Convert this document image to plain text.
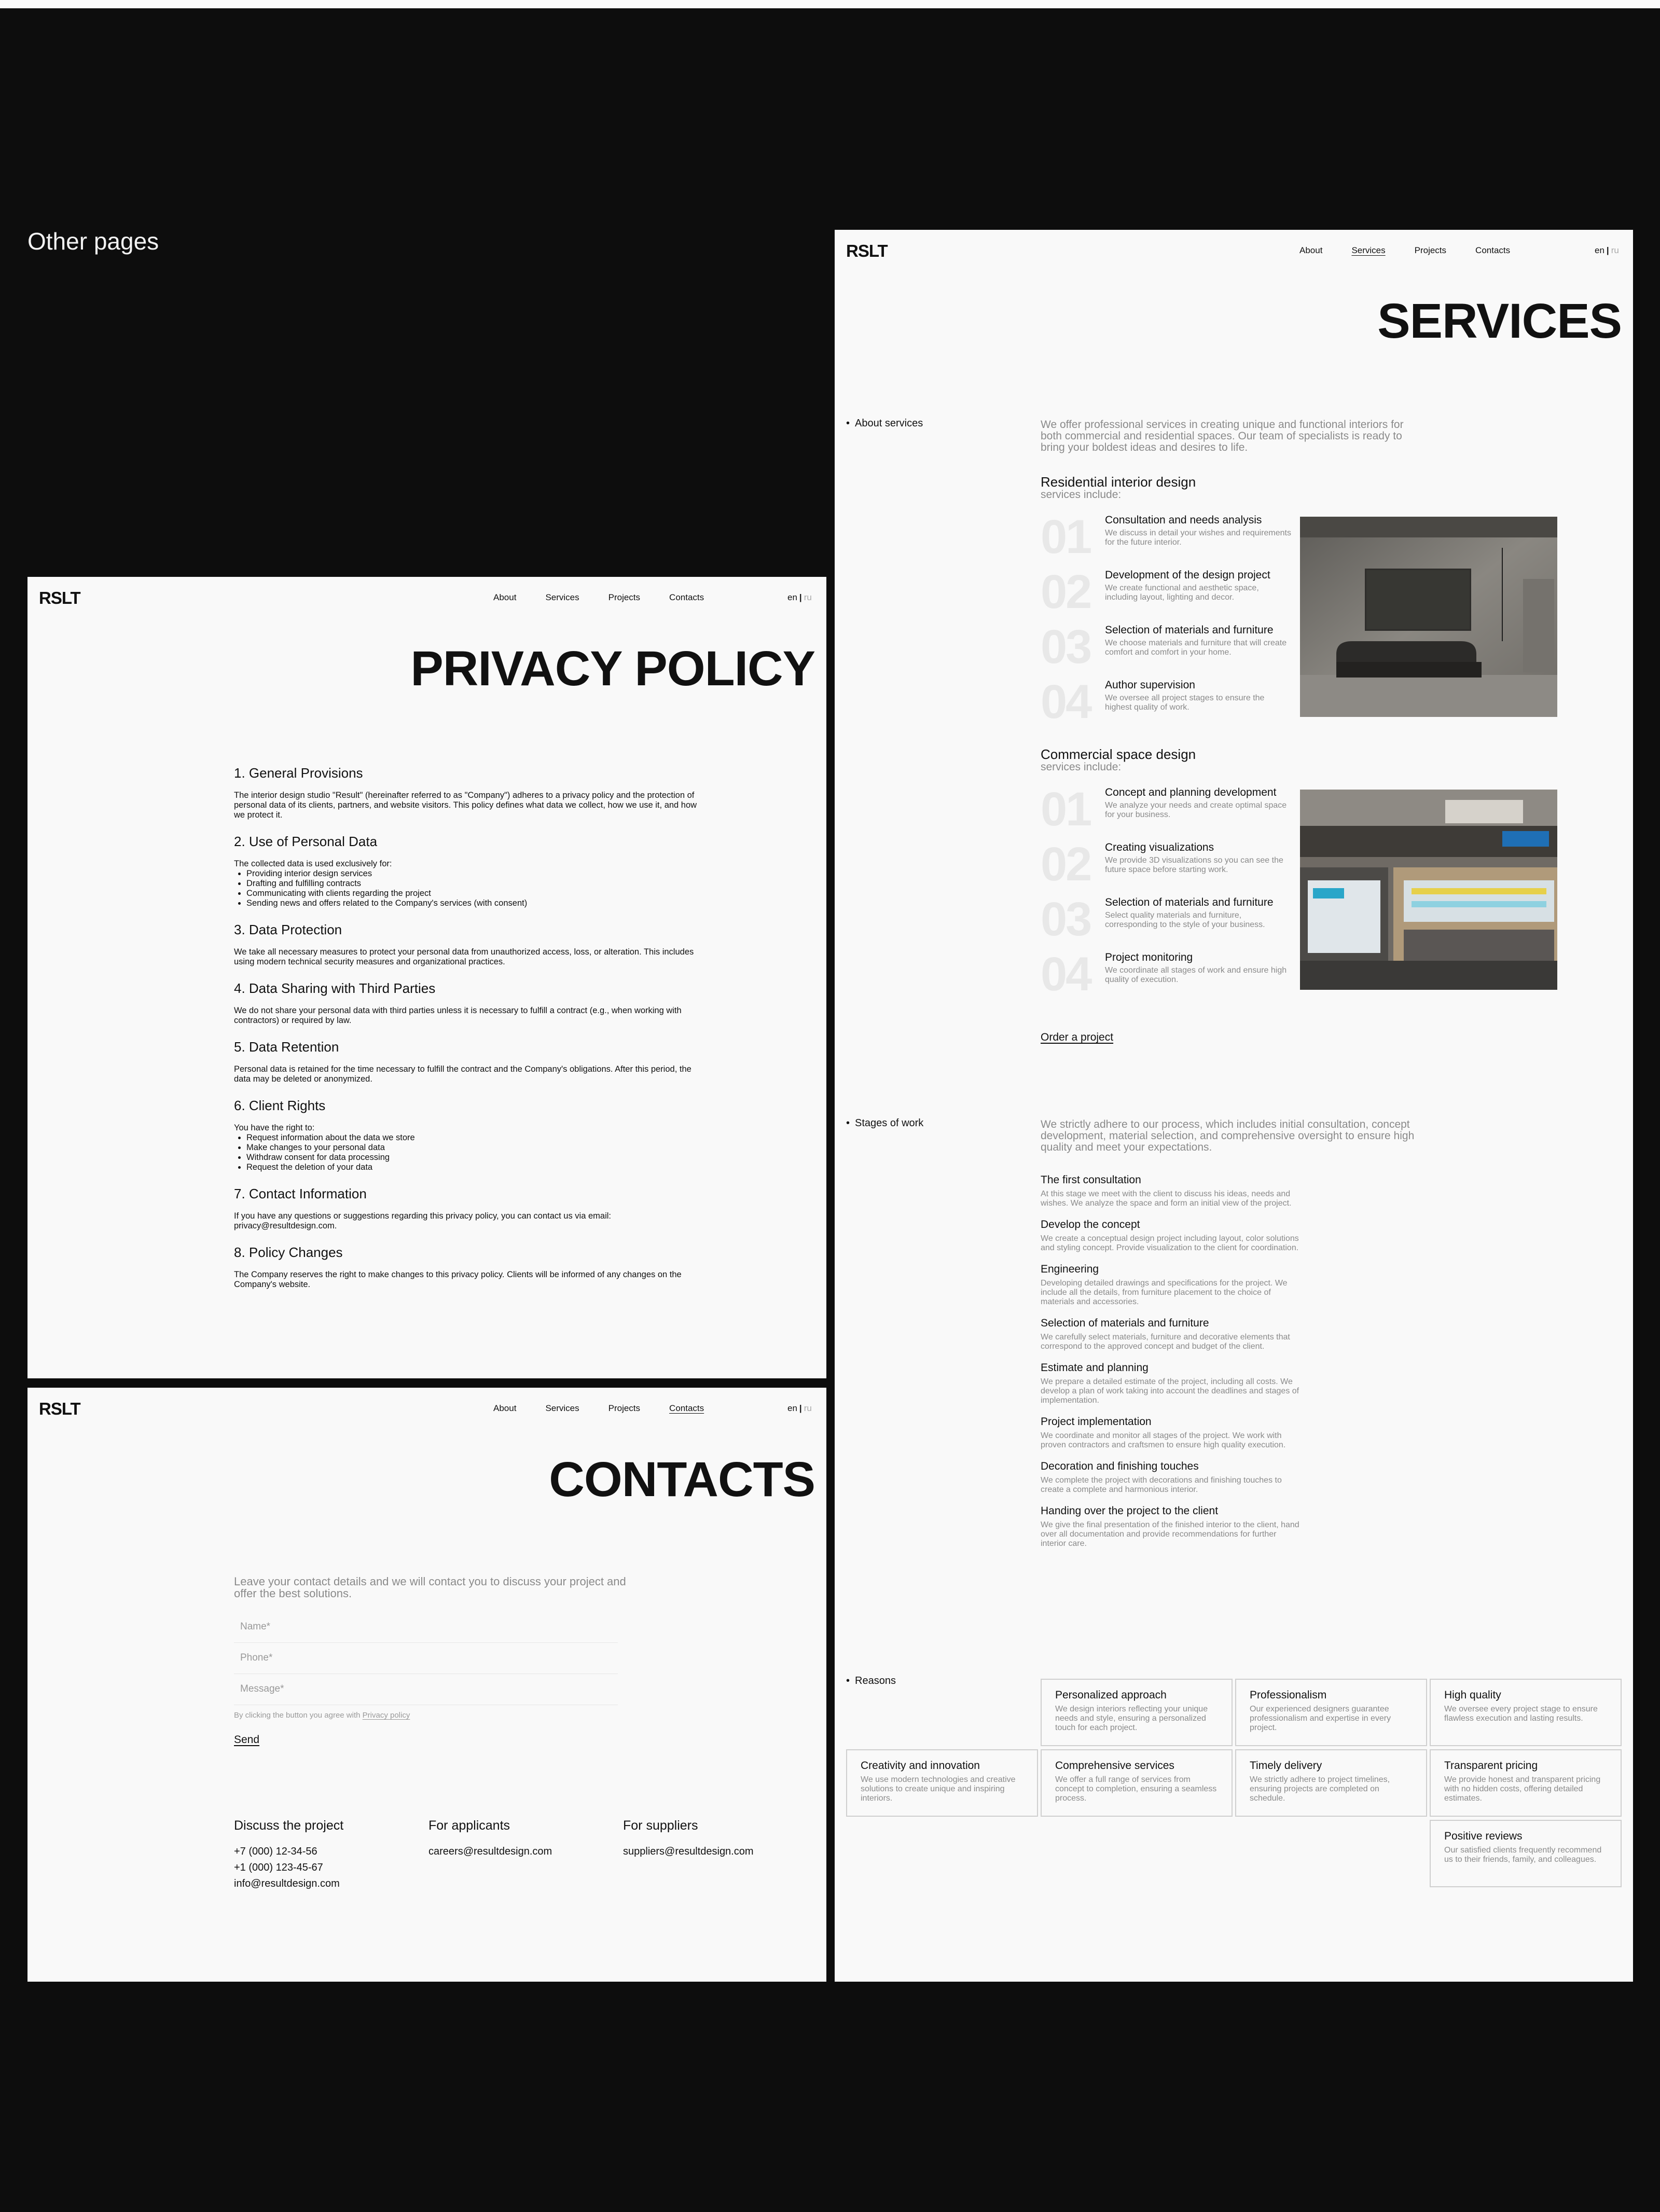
Other pages
RSLT	About	Services	Projects	Contacts	en | ru
PRIVACY POLICY
1. General Provisions
The interior design studio "Result" (hereinafter referred to as "Company") adheres to a privacy policy and the protection of personal data of its clients, partners, and website visitors. This policy defines what data we collect, how we use it, and how we protect it.
2. Use of Personal Data
The collected data is used exclusively for:
• Providing interior design services
• Drafting and fulfilling contracts
• Communicating with clients regarding the project
• Sending news and offers related to the Company's services (with consent)
3. Data Protection
We take all necessary measures to protect your personal data from unauthorized access, loss, or alteration. This includes using modern technical security measures and organizational practices.
4. Data Sharing with Third Parties
We do not share your personal data with third parties unless it is necessary to fulfill a contract (e.g., when working with contractors) or required by law.
5. Data Retention
Personal data is retained for the time necessary to fulfill the contract and the Company's obligations. After this period, the data may be deleted or anonymized.
6. Client Rights
You have the right to:
• Request information about the data we store
• Make changes to your personal data
• Withdraw consent for data processing
• Request the deletion of your data
7. Contact Information
If you have any questions or suggestions regarding this privacy policy, you can contact us via email: privacy@resultdesign.com.
8. Policy Changes
The Company reserves the right to make changes to this privacy policy. Clients will be informed of any changes on the Company's website.
RSLT	About	Services	Projects	Contacts	en | ru
CONTACTS
Leave your contact details and we will contact you to discuss your project and offer the best solutions.
Name*
Phone*
Message*
By clicking the button you agree with Privacy policy
Send
Discuss the project
+7 (000) 12-34-56
+1 (000) 123-45-67
info@resultdesign.com
For applicants
careers@resultdesign.com
For suppliers
suppliers@resultdesign.com
RSLT	About	Services	Projects	Contacts	en | ru
SERVICES
• About services	We offer professional services in creating unique and functional interiors for both commercial and residential spaces. Our team of specialists is ready to bring your boldest ideas and desires to life.
Residential interior design
services include:
01 Consultation and needs analysis
We discuss in detail your wishes and requirements for the future interior.
02 Development of the design project
We create functional and aesthetic space, including layout, lighting and decor.
03 Selection of materials and furniture
We choose materials and furniture that will create comfort and comfort in your home.
04 Author supervision
We oversee all project stages to ensure the highest quality of work.
Commercial space design
services include:
01 Concept and planning development
We analyze your needs and create optimal space for your business.
02 Creating visualizations
We provide 3D visualizations so you can see the future space before starting work.
03 Selection of materials and furniture
Select quality materials and furniture, corresponding to the style of your business.
04 Project monitoring
We coordinate all stages of work and ensure high quality of execution.
Order a project
• Stages of work	We strictly adhere to our process, which includes initial consultation, concept development, material selection, and comprehensive oversight to ensure high quality and meet your expectations.
The first consultation
At this stage we meet with the client to discuss his ideas, needs and wishes. We analyze the space and form an initial view of the project.
Develop the concept
We create a conceptual design project including layout, color solutions and styling concept. Provide visualization to the client for coordination.
Engineering
Developing detailed drawings and specifications for the project. We include all the details, from furniture placement to the choice of materials and accessories.
Selection of materials and furniture
We carefully select materials, furniture and decorative elements that correspond to the approved concept and budget of the client.
Estimate and planning
We prepare a detailed estimate of the project, including all costs. We develop a plan of work taking into account the deadlines and stages of implementation.
Project implementation
We coordinate and monitor all stages of the project. We work with proven contractors and craftsmen to ensure high quality execution.
Decoration and finishing touches
We complete the project with decorations and finishing touches to create a complete and harmonious interior.
Handing over the project to the client
We give the final presentation of the finished interior to the client, hand over all documentation and provide recommendations for further interior care.
• Reasons
Personalized approach
We design interiors reflecting your unique needs and style, ensuring a personalized touch for each project.
Professionalism
Our experienced designers guarantee professionalism and expertise in every project.
High quality
We oversee every project stage to ensure flawless execution and lasting results.
Creativity and innovation
We use modern technologies and creative solutions to create unique and inspiring interiors.
Comprehensive services
We offer a full range of services from concept to completion, ensuring a seamless process.
Timely delivery
We strictly adhere to project timelines, ensuring projects are completed on schedule.
Transparent pricing
We provide honest and transparent pricing with no hidden costs, offering detailed estimates.
Positive reviews
Our satisfied clients frequently recommend us to their friends, family, and colleagues.
